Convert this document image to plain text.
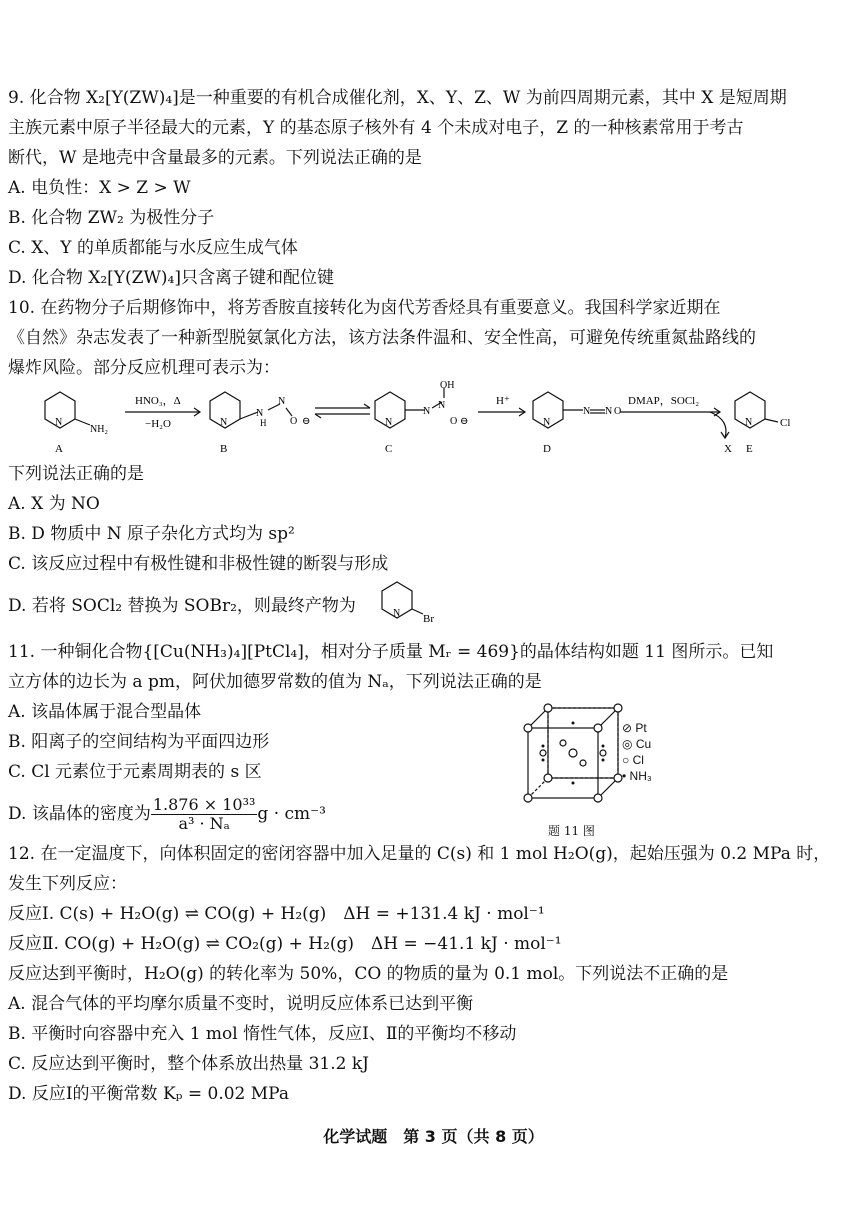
9. 化合物 X₂[Y(ZW)₄]是一种重要的有机合成催化剂，X、Y、Z、W 为前四周期元素，其中 X 是短周期
主族元素中原子半径最大的元素，Y 的基态原子核外有 4 个未成对电子，Z 的一种核素常用于考古
断代，W 是地壳中含量最多的元素。下列说法正确的是
A. 电负性：X > Z > W
B. 化合物 ZW₂ 为极性分子
C. X、Y 的单质都能与水反应生成气体
D. 化合物 X₂[Y(ZW)₄]只含离子键和配位键
10. 在药物分子后期修饰中，将芳香胺直接转化为卤代芳香烃具有重要意义。我国科学家近期在
《自然》杂志发表了一种新型脱氨氯化方法，该方法条件温和、安全性高，可避免传统重氮盐路线的
爆炸风险。部分反应机理可表示为：
N
NH₂
A
HNO₃，Δ
−H₂O	N
N
H
N
O ⊖
B
N
N
N
OH
O ⊖
C
H⁺
N
N N O
D
DMAP，SOCl₂
X
N	Cl
E
下列说法正确的是
A. X 为 NO
B. D 物质中 N 原子杂化方式均为 sp²
C. 该反应过程中有极性键和非极性键的断裂与形成
D. 若将 SOCl₂ 替换为 SOBr₂，则最终产物为	N Br
11. 一种铜化合物{[Cu(NH₃)₄][PtCl₄]，相对分子质量 Mᵣ = 469}的晶体结构如题 11 图所示。已知
立方体的边长为 a pm，阿伏加德罗常数的值为 Nₐ，下列说法正确的是
A. 该晶体属于混合型晶体
B. 阳离子的空间结构为平面四边形
C. Cl 元素位于元素周期表的 s 区
D. 该晶体的密度为 $\frac{\text{1.876 × 10³³}}{\text{a³ · Nₐ}}$ g · cm⁻³
⊘ Pt
◎ Cu
○ Cl
• NH₃
题 11 图
12. 在一定温度下，向体积固定的密闭容器中加入足量的 C(s) 和 1 mol H₂O(g)，起始压强为 0.2 MPa 时，
发生下列反应：
反应Ⅰ. C(s) + H₂O(g) ⇌ CO(g) + H₂(g)　ΔH = +131.4 kJ · mol⁻¹
反应Ⅱ. CO(g) + H₂O(g) ⇌ CO₂(g) + H₂(g)　ΔH = −41.1 kJ · mol⁻¹
反应达到平衡时，H₂O(g) 的转化率为 50%，CO 的物质的量为 0.1 mol。下列说法不正确的是
A. 混合气体的平均摩尔质量不变时，说明反应体系已达到平衡
B. 平衡时向容器中充入 1 mol 惰性气体，反应Ⅰ、Ⅱ的平衡均不移动
C. 反应达到平衡时，整个体系放出热量 31.2 kJ
D. 反应Ⅰ的平衡常数 Kₚ = 0.02 MPa
化学试题　第 3 页（共 8 页）
